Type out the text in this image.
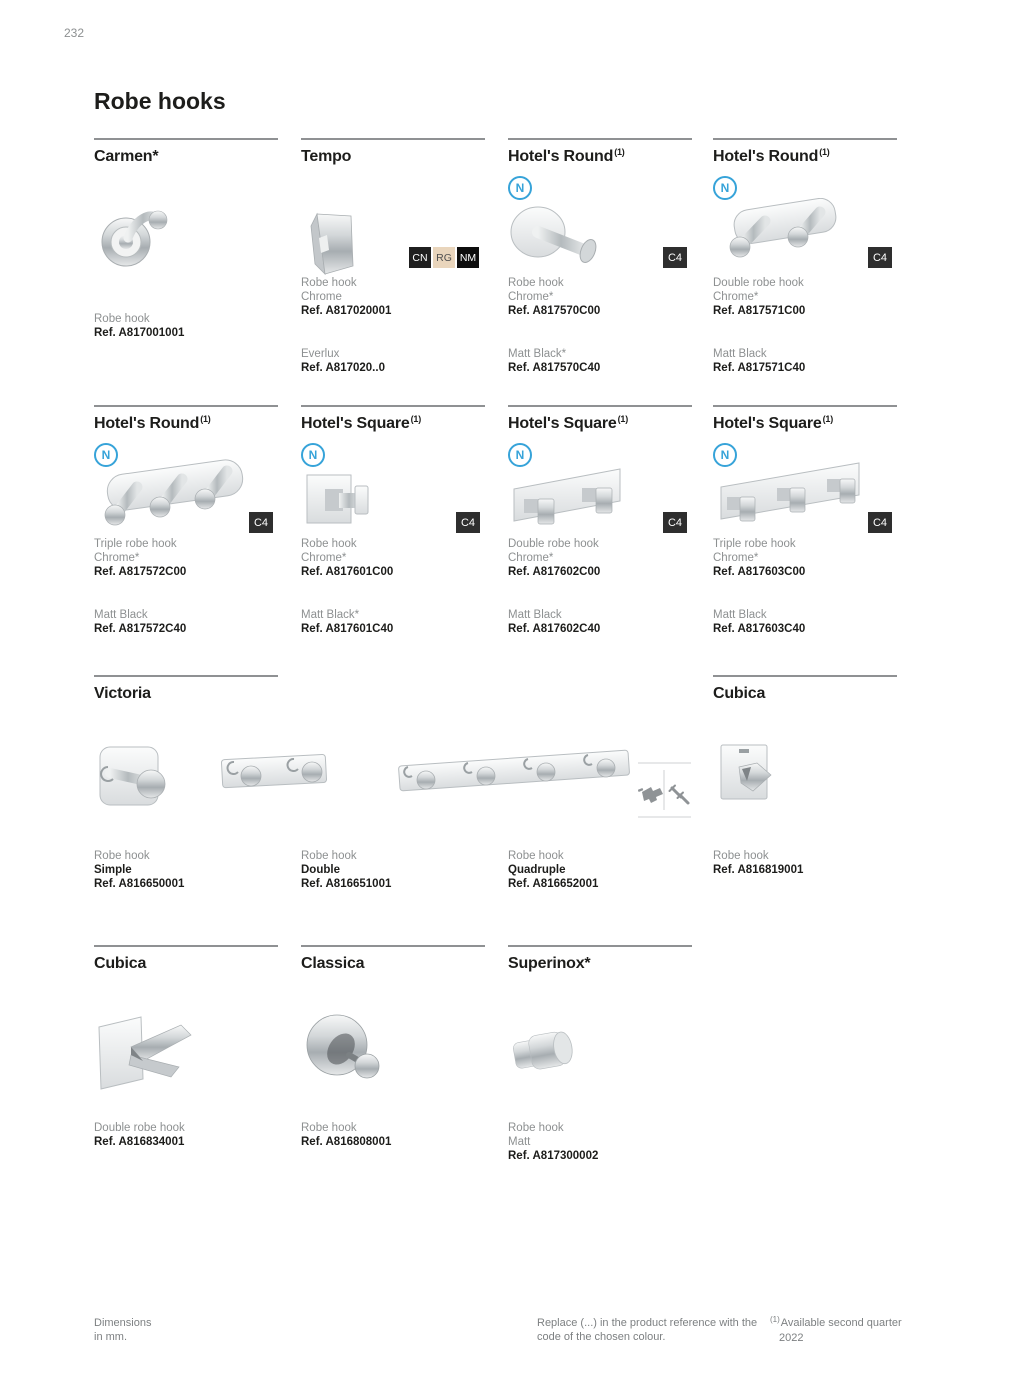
232
Robe hooks
Carmen*
Robe hook
Ref. A817001001
Tempo
CN RG NM
Robe hook
Chrome
Ref. A817020001
Everlux
Ref. A817020..0
Hotel's Round$^{(1)}$
N
C4
Robe hook
Chrome*
Ref. A817570C00
Matt Black*
Ref. A817570C40
Hotel's Round$^{(1)}$
N
C4
Double robe hook
Chrome*
Ref. A817571C00
Matt Black
Ref. A817571C40
Hotel's Round$^{(1)}$
N
C4
Triple robe hook
Chrome*
Ref. A817572C00
Matt Black
Ref. A817572C40
Hotel's Square$^{(1)}$
N
C4
Robe hook
Chrome*
Ref. A817601C00
Matt Black*
Ref. A817601C40
Hotel's Square$^{(1)}$
N
C4
Double robe hook
Chrome*
Ref. A817602C00
Matt Black
Ref. A817602C40
Hotel's Square$^{(1)}$
N
C4
Triple robe hook
Chrome*
Ref. A817603C00
Matt Black
Ref. A817603C40
Victoria
Robe hook
Simple
Ref. A816650001
Robe hook
Double
Ref. A816651001
Robe hook
Quadruple
Ref. A816652001
Cubica
Robe hook
Ref. A816819001
Cubica
Double robe hook
Ref. A816834001
Classica
Robe hook
Ref. A816808001
Superinox*
Robe hook
Matt
Ref. A817300002
Dimensions
in mm.
Replace (...) in the product reference with the
code of the chosen colour.
$^{(1)}$Available second quarter
2022
